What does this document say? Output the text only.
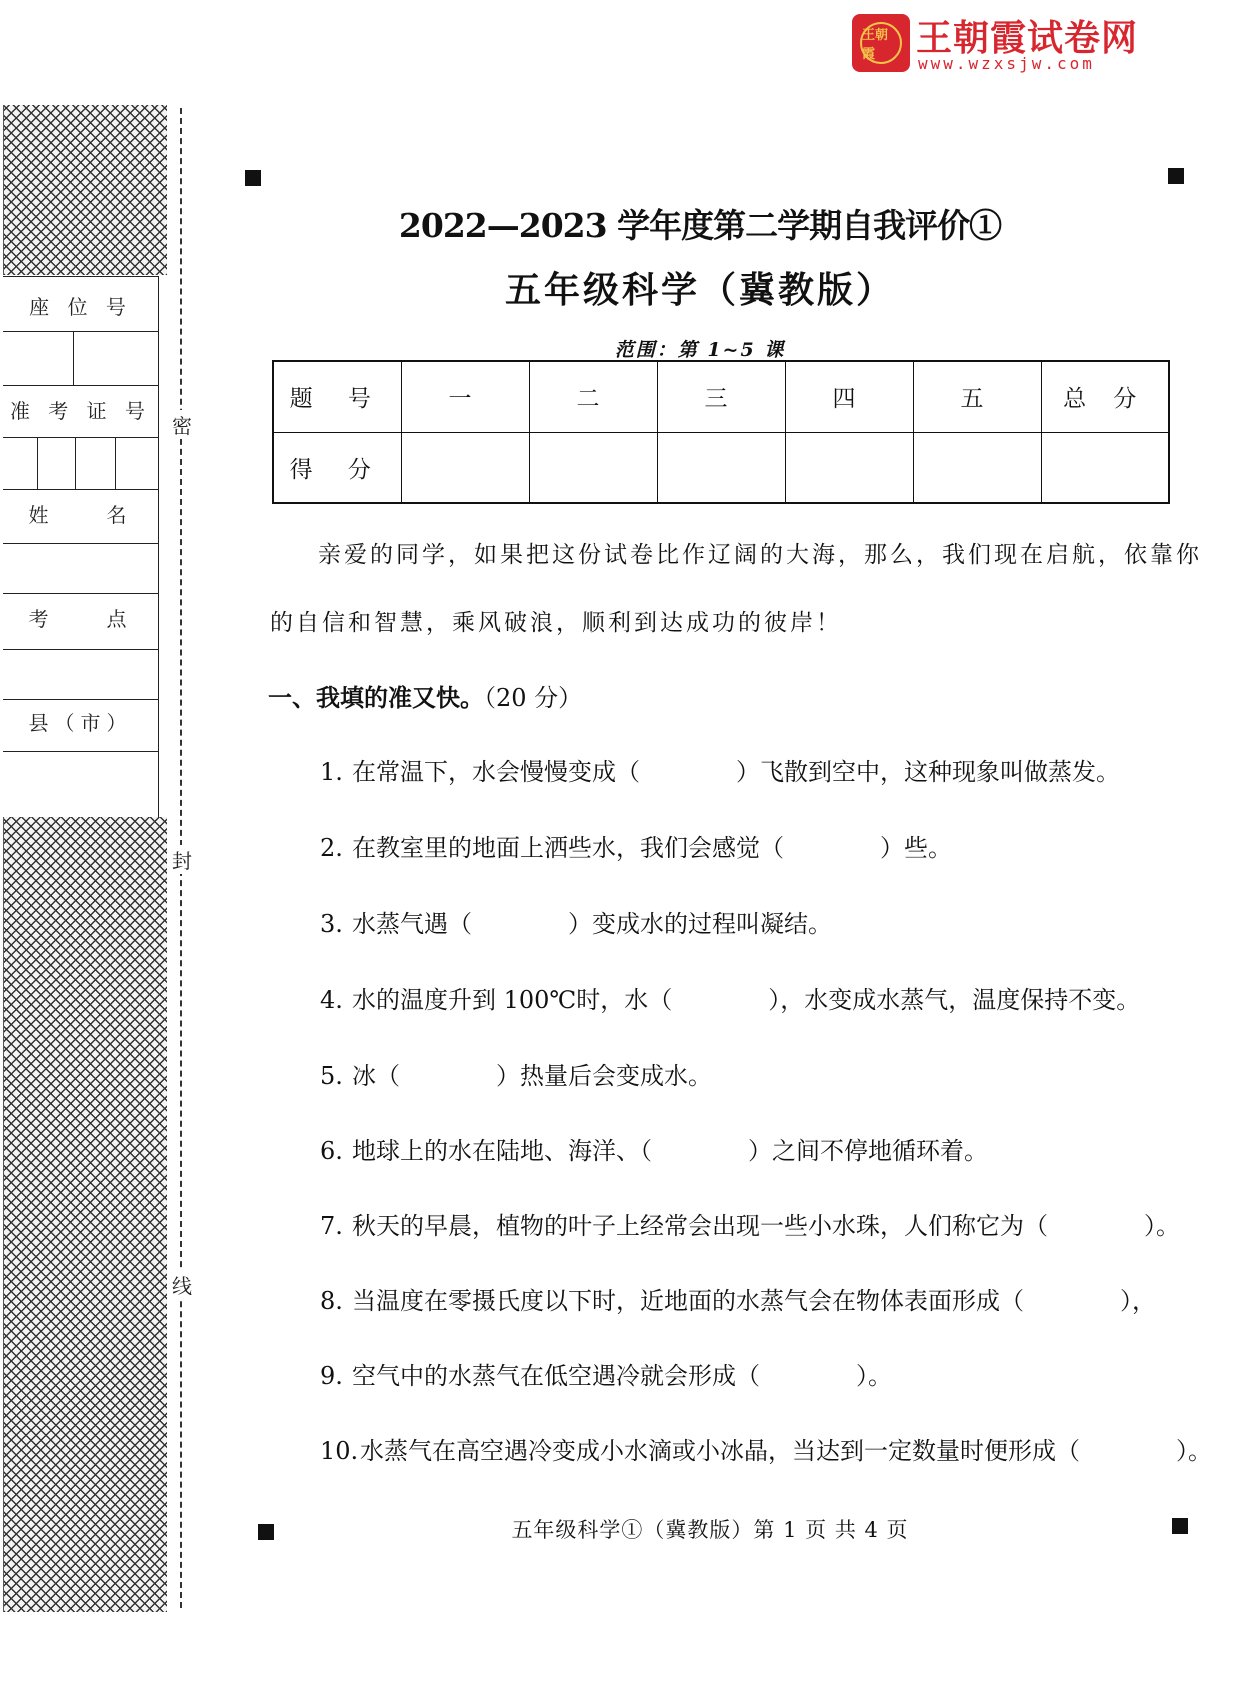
王朝霞	王朝霞试卷网
www.wzxsjw.com
座 位 号
准 考 证 号
姓　　名
考　　点
县（市）
密
封
线
2022—2023 学年度第二学期自我评价①
五年级科学（冀教版）
范围：第 1~5 课
题 号	一	二	三	四	五	总 分
得 分						
亲爱的同学，如果把这份试卷比作辽阔的大海，那么，我们现在启航，依靠你
的自信和智慧，乘风破浪，顺利到达成功的彼岸！
一、我填的准又快。（20 分）
1. 在常温下，水会慢慢变成（　　　　）飞散到空中，这种现象叫做蒸发。
2. 在教室里的地面上洒些水，我们会感觉（　　　　）些。
3. 水蒸气遇（　　　　）变成水的过程叫凝结。
4. 水的温度升到 100℃时，水（　　　　），水变成水蒸气，温度保持不变。
5. 冰（　　　　）热量后会变成水。
6. 地球上的水在陆地、海洋、（　　　　）之间不停地循环着。
7. 秋天的早晨，植物的叶子上经常会出现一些小水珠，人们称它为（　　　　）。
8. 当温度在零摄氏度以下时，近地面的水蒸气会在物体表面形成（　　　　），
9. 空气中的水蒸气在低空遇冷就会形成（　　　　）。
10.水蒸气在高空遇冷变成小水滴或小冰晶，当达到一定数量时便形成（　　　　）。
五年级科学①（冀教版）第 1 页 共 4 页
